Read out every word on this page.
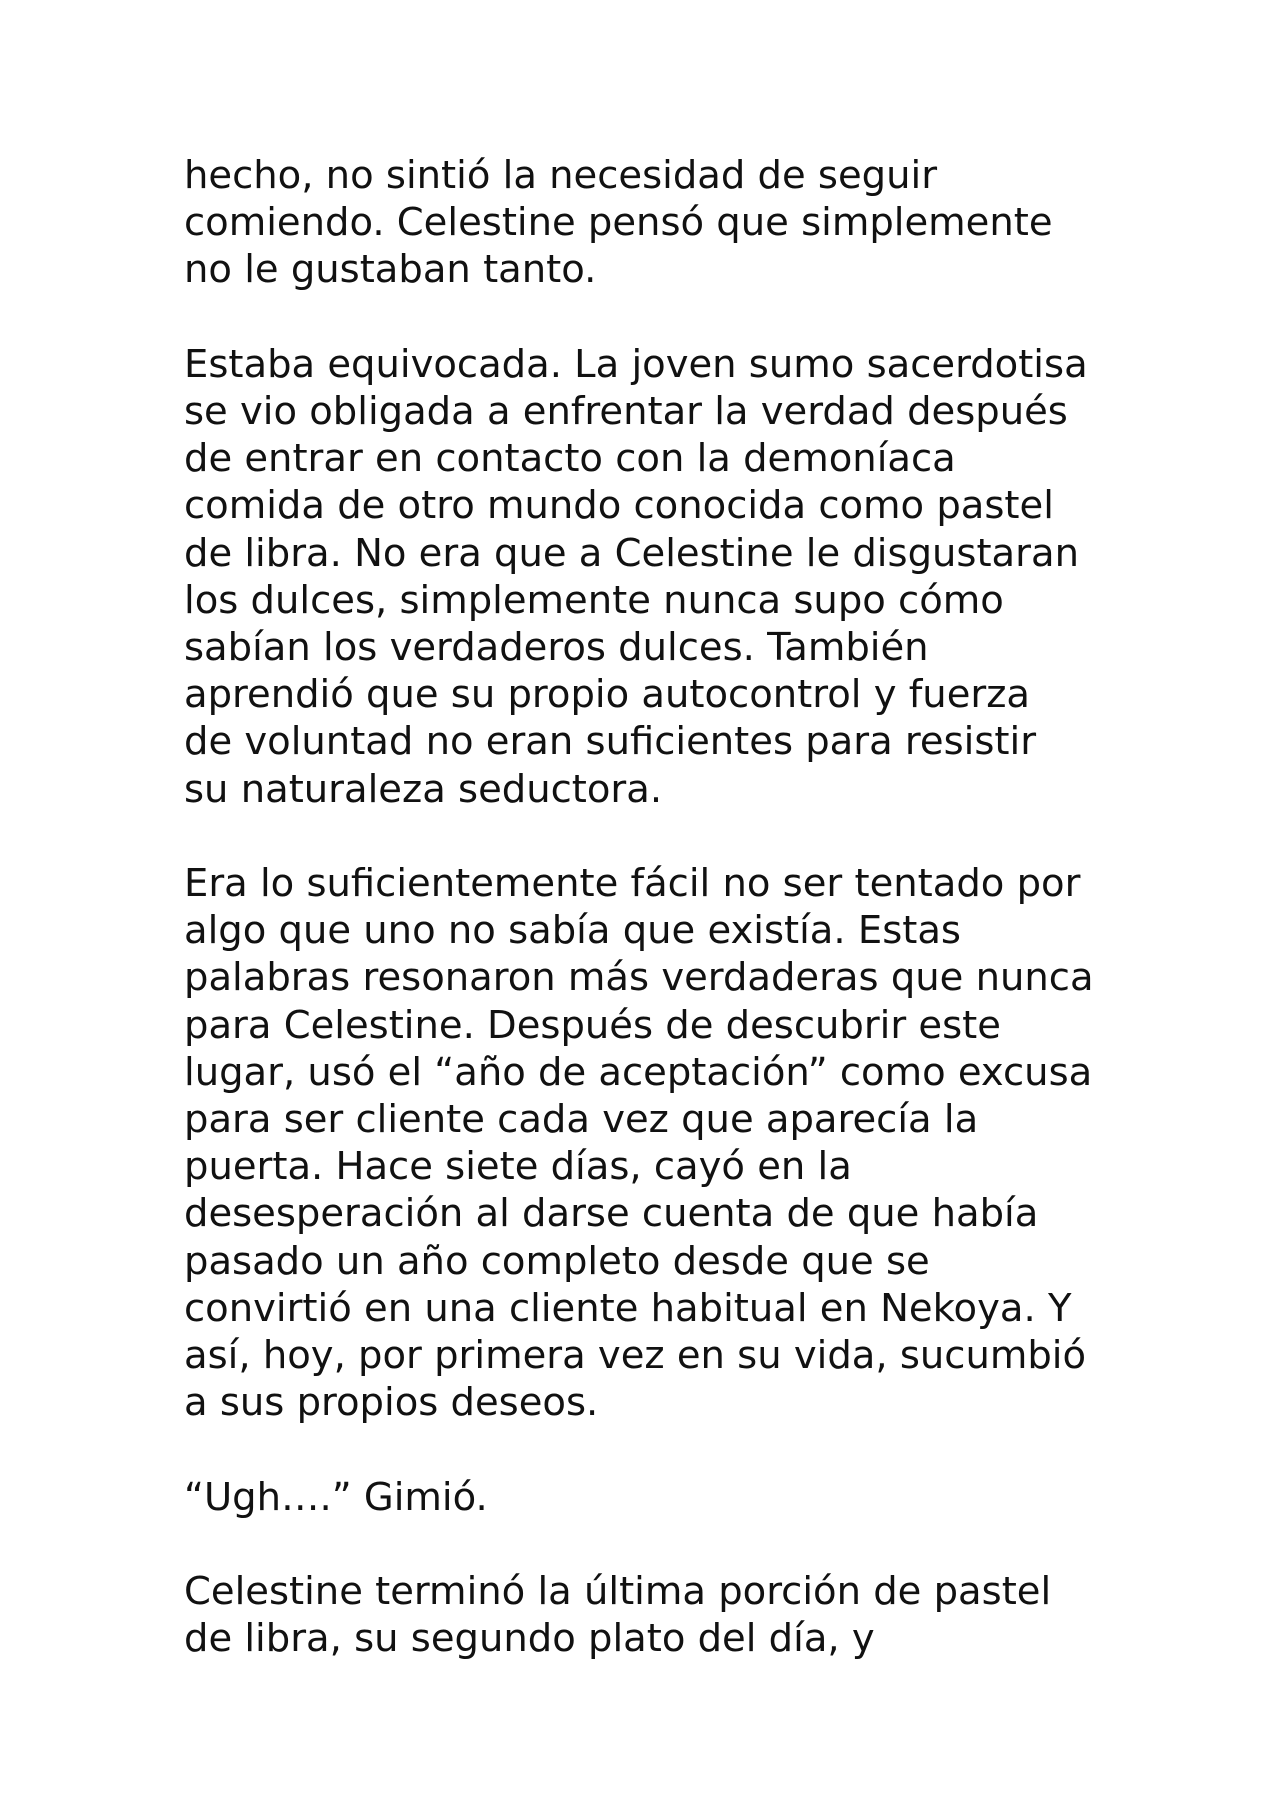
hecho, no sintió la necesidad de seguir
comiendo. Celestine pensó que simplemente
no le gustaban tanto.

Estaba equivocada. La joven sumo sacerdotisa
se vio obligada a enfrentar la verdad después
de entrar en contacto con la demoníaca
comida de otro mundo conocida como pastel
de libra. No era que a Celestine le disgustaran
los dulces, simplemente nunca supo cómo
sabían los verdaderos dulces. También
aprendió que su propio autocontrol y fuerza
de voluntad no eran suficientes para resistir
su naturaleza seductora.

Era lo suficientemente fácil no ser tentado por
algo que uno no sabía que existía. Estas
palabras resonaron más verdaderas que nunca
para Celestine. Después de descubrir este
lugar, usó el “año de aceptación” como excusa
para ser cliente cada vez que aparecía la
puerta. Hace siete días, cayó en la
desesperación al darse cuenta de que había
pasado un año completo desde que se
convirtió en una cliente habitual en Nekoya. Y
así, hoy, por primera vez en su vida, sucumbió
a sus propios deseos.

“Ugh….” Gimió.

Celestine terminó la última porción de pastel
de libra, su segundo plato del día, y
